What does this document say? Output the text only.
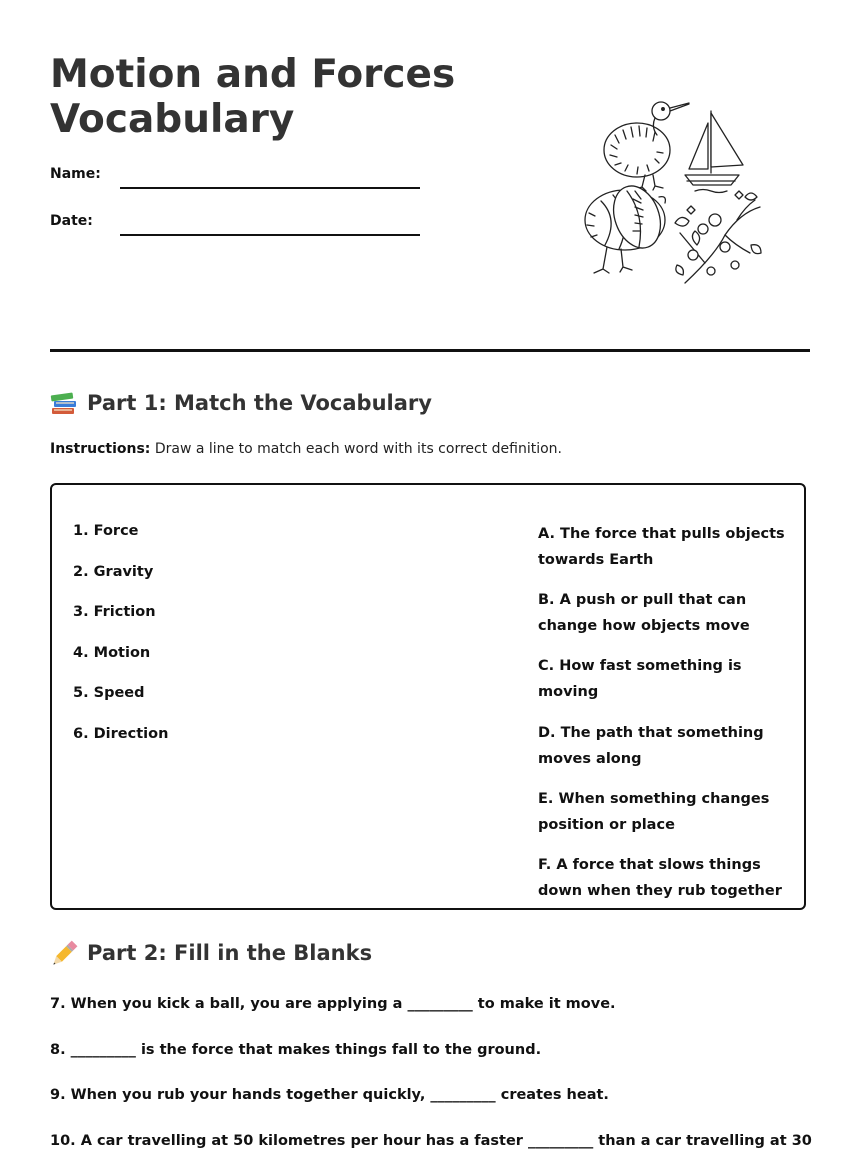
Motion and Forces
Vocabulary
Name:
Date:
Part 1: Match the Vocabulary

Instructions: Draw a line to match each word with its correct definition.

1. Force
2. Gravity
3. Friction
4. Motion
5. Speed
6. Direction
A. The force that pulls objects towards Earth
B. A push or pull that can change how objects move
C. How fast something is moving
D. The path that something moves along
E. When something changes position or place
F. A force that slows things down when they rub together
Part 2: Fill in the Blanks
7. When you kick a ball, you are applying a _________ to make it move.
8. _________ is the force that makes things fall to the ground.
9. When you rub your hands together quickly, _________ creates heat.
10. A car travelling at 50 kilometres per hour has a faster _________ than a car travelling at 30
